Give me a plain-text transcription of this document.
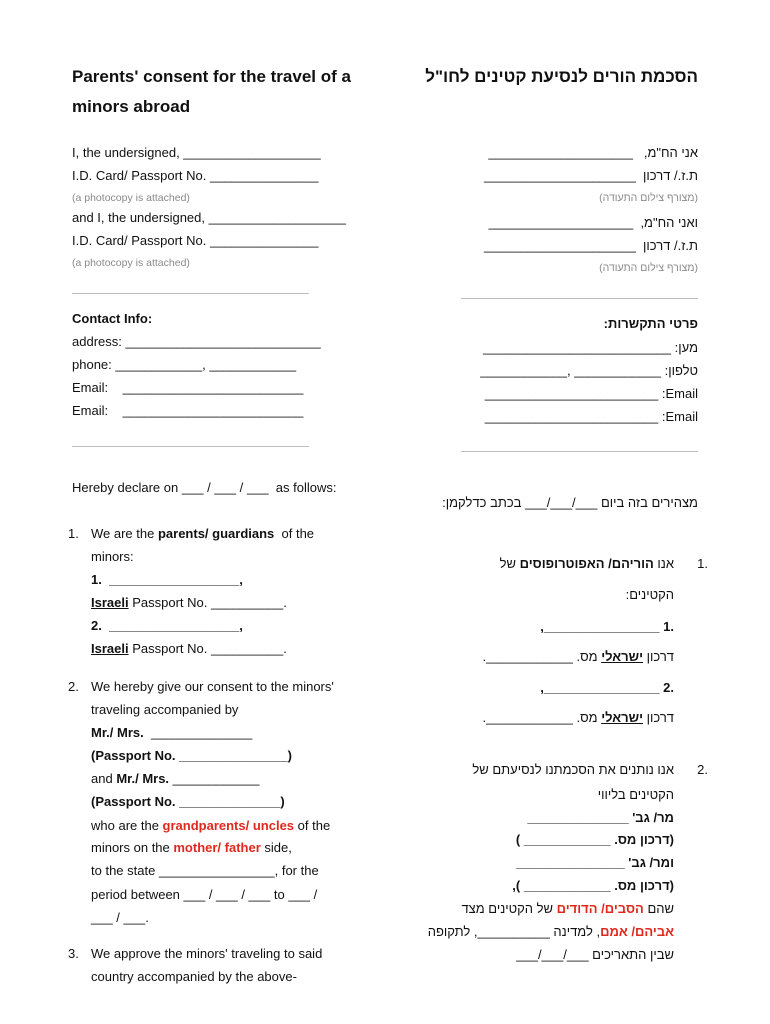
Parents' consent for the travel of a
minors abroad
I, the undersigned, ___________________
I.D. Card/ Passport No. _______________
(a photocopy is attached)
and I, the undersigned, ___________________
I.D. Card/ Passport No. _______________
(a photocopy is attached)
Contact Info:
address: ___________________________
phone: ____________, ____________
Email:    _________________________
Email:    _________________________
Hereby declare on ___ / ___ / ___  as follows:
1. We are the parents/ guardians  of the
minors:
1.  __________________,
Israeli Passport No. __________.
2.  __________________,
Israeli Passport No. __________.
2. We hereby give our consent to the minors'
traveling accompanied by
Mr./ Mrs.  ______________
(Passport No. _______________)
and Mr./ Mrs. ____________
(Passport No. ______________)
who are the grandparents/ uncles of the
minors on the mother/ father side,
to the state ________________, for the
period between ___ / ___ / ___ to ___ /
___ / ___.
3. We approve the minors' traveling to said
country accompanied by the above-
הסכמת הורים לנסיעת קטינים לחו"ל
אני הח"מ,   ____________________
ת.ז./ דרכון  _____________________
(מצורף צילום התעודה)
ואני הח"מ,  ____________________
ת.ז./ דרכון  _____________________
(מצורף צילום התעודה)
פרטי התקשרות:
מען: __________________________
טלפון: ____________ ,____________
Email: ________________________
Email: ________________________
מצהירים בזה ביום ___/___/___ בכתב כדלקמן:
.1
אנו הוריהם/ האפוטרופוסים של
הקטינים:
.1 ________________,
דרכון ישראלי מס. ____________.
.2 ________________,
דרכון ישראלי מס. ____________.
.2
אנו נותנים את הסכמתנו לנסיעתם של
הקטינים בליווי
מר/ גב' ______________
(דרכון מס. ____________ )
ומר/ גב' _______________
(דרכון מס. ____________ ),
שהם הסבים/ הדודים של הקטינים מצד
אביהם/ אמם, למדינה __________, לתקופה
שבין התאריכים ___/___/___
